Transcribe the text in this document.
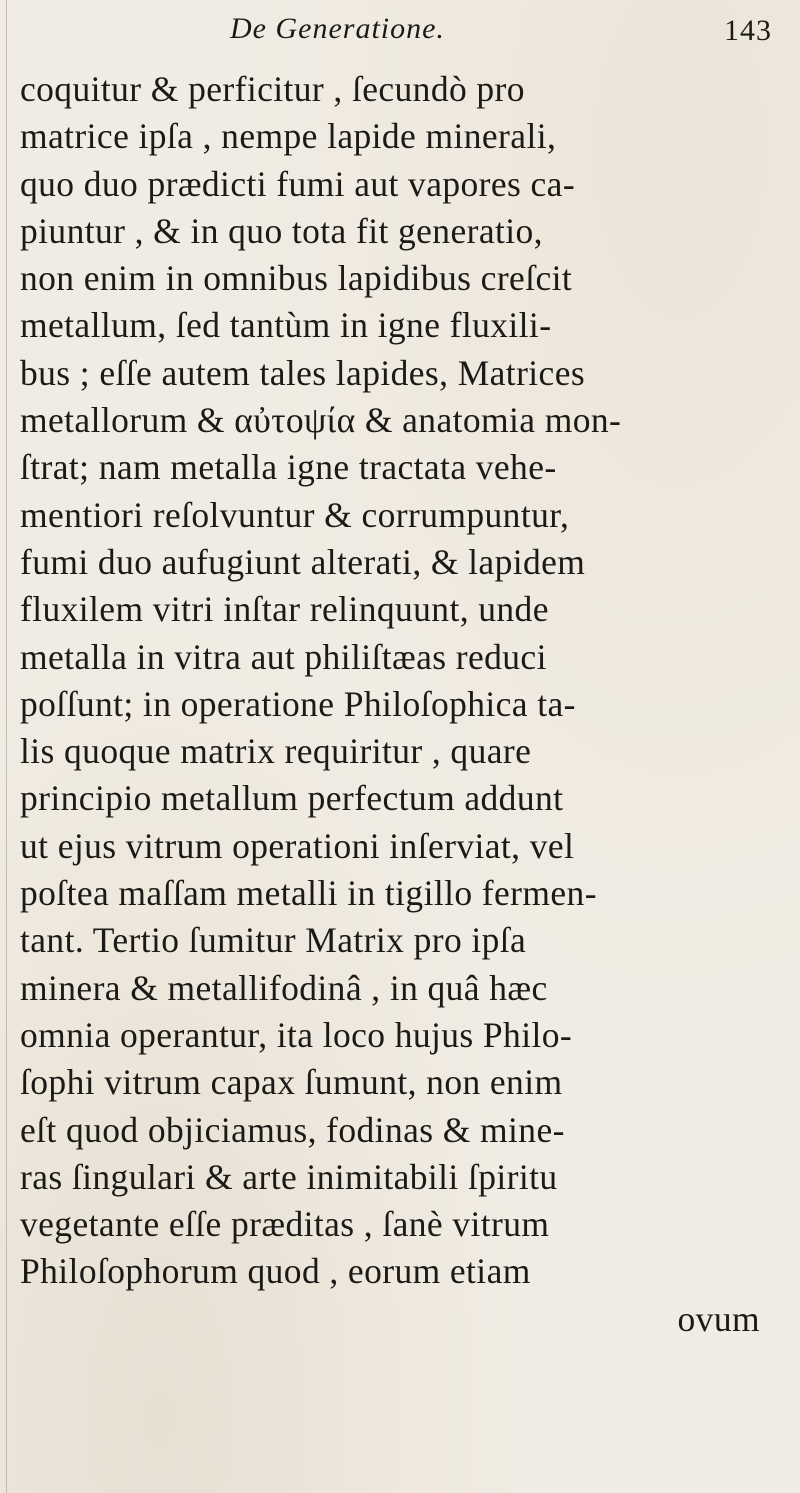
De Generatione.	143
coquitur & perficitur , ſecundò pro
matrice ipſa , nempe lapide minerali,
quo duo prædicti fumi aut vapores ca-
piuntur , & in quo tota fit generatio,
non enim in omnibus lapidibus creſcit
metallum, ſed tantùm in igne fluxili-
bus ; eſſe autem tales lapides, Matrices
metallorum & αὐτοψία & anatomia mon-
ſtrat; nam metalla igne tractata vehe-
mentiori reſolvuntur & corrumpuntur,
fumi duo aufugiunt alterati, & lapidem
fluxilem vitri inſtar relinquunt, unde
metalla in vitra aut philiſtæas reduci
poſſunt; in operatione Philoſophica ta-
lis quoque matrix requiritur , quare
principio metallum perfectum addunt
ut ejus vitrum operationi inſerviat, vel
poſtea maſſam metalli in tigillo fermen-
tant. Tertio ſumitur Matrix pro ipſa
minera & metallifodinâ , in quâ hæc
omnia operantur, ita loco hujus Philo-
ſophi vitrum capax ſumunt, non enim
eſt quod objiciamus, fodinas & mine-
ras ſingulari & arte inimitabili ſpiritu
vegetante eſſe præditas , ſanè vitrum
Philoſophorum quod , eorum etiam
ovum
